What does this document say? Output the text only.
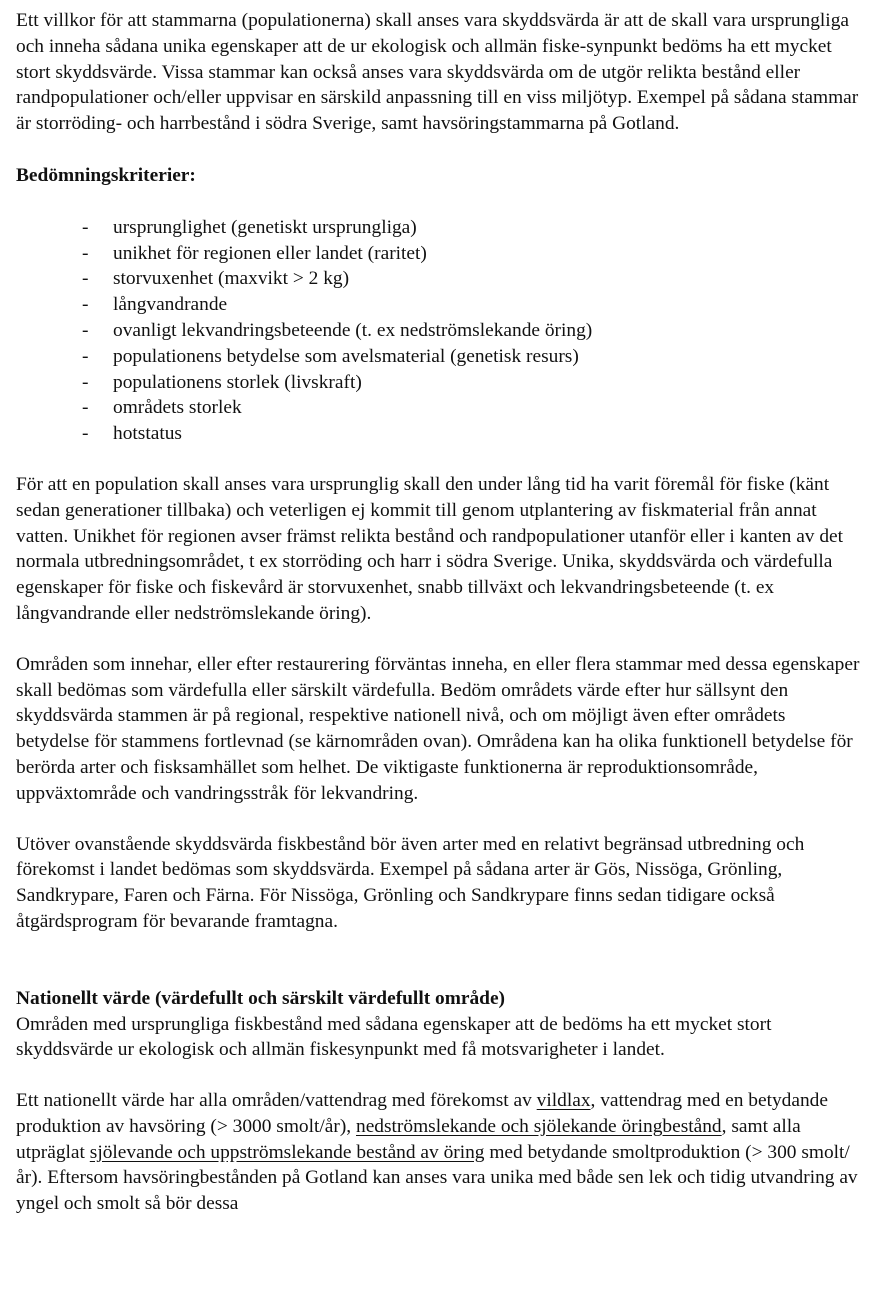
Ett villkor för att stammarna (populationerna) skall anses vara skyddsvärda är att de skall vara ursprungliga och inneha sådana unika egenskaper att de ur ekologisk och allmän fiske-synpunkt bedöms ha ett mycket stort skyddsvärde. Vissa stammar kan också anses vara skyddsvärda om de utgör relikta bestånd eller randpopulationer och/eller uppvisar en särskild anpassning till en viss miljötyp. Exempel på sådana stammar är storröding- och harrbestånd i södra Sverige, samt havsöringstammarna på Gotland.

Bedömningskriterier:

- ursprunglighet (genetiskt ursprungliga)
- unikhet för regionen eller landet (raritet)
- storvuxenhet (maxvikt > 2 kg)
- långvandrande
- ovanligt lekvandringsbeteende (t. ex nedströmslekande öring)
- populationens betydelse som avelsmaterial (genetisk resurs)
- populationens storlek (livskraft)
- områdets storlek
- hotstatus

För att en population skall anses vara ursprunglig skall den under lång tid ha varit föremål för fiske (känt sedan generationer tillbaka) och veterligen ej kommit till genom utplantering av fiskmaterial från annat vatten. Unikhet för regionen avser främst relikta bestånd och randpopulationer utanför eller i kanten av det normala utbredningsområdet, t ex storröding och harr i södra Sverige. Unika, skyddsvärda och värdefulla egenskaper för fiske och fiskevård är storvuxenhet, snabb tillväxt och lekvandringsbeteende (t. ex långvandrande eller nedströmslekande öring).

Områden som innehar, eller efter restaurering förväntas inneha, en eller flera stammar med dessa egenskaper skall bedömas som värdefulla eller särskilt värdefulla. Bedöm områdets värde efter hur sällsynt den skyddsvärda stammen är på regional, respektive nationell nivå, och om möjligt även efter områdets betydelse för stammens fortlevnad (se kärnområden ovan). Områdena kan ha olika funktionell betydelse för berörda arter och fisksamhället som helhet. De viktigaste funktionerna är reproduktionsområde, uppväxtområde och vandringsstråk för lekvandring.

Utöver ovanstående skyddsvärda fiskbestånd bör även arter med en relativt begränsad utbredning och förekomst i landet bedömas som skyddsvärda. Exempel på sådana arter är Gös, Nissöga, Grönling, Sandkrypare, Faren och Färna. För Nissöga, Grönling och Sandkrypare finns sedan tidigare också åtgärdsprogram för bevarande framtagna.

Nationellt värde (värdefullt och särskilt värdefullt område)

Områden med ursprungliga fiskbestånd med sådana egenskaper att de bedöms ha ett mycket stort skyddsvärde ur ekologisk och allmän fiskesynpunkt med få motsvarigheter i landet.

Ett nationellt värde har alla områden/vattendrag med förekomst av vildlax, vattendrag med en betydande produktion av havsöring (> 3000 smolt/år), nedströmslekande och sjölekande öringbestånd, samt alla utpräglat sjölevande och uppströmslekande bestånd av öring med betydande smoltproduktion (> 300 smolt/år). Eftersom havsöringbestånden på Gotland kan anses vara unika med både sen lek och tidig utvandring av yngel och smolt så bör dessa
